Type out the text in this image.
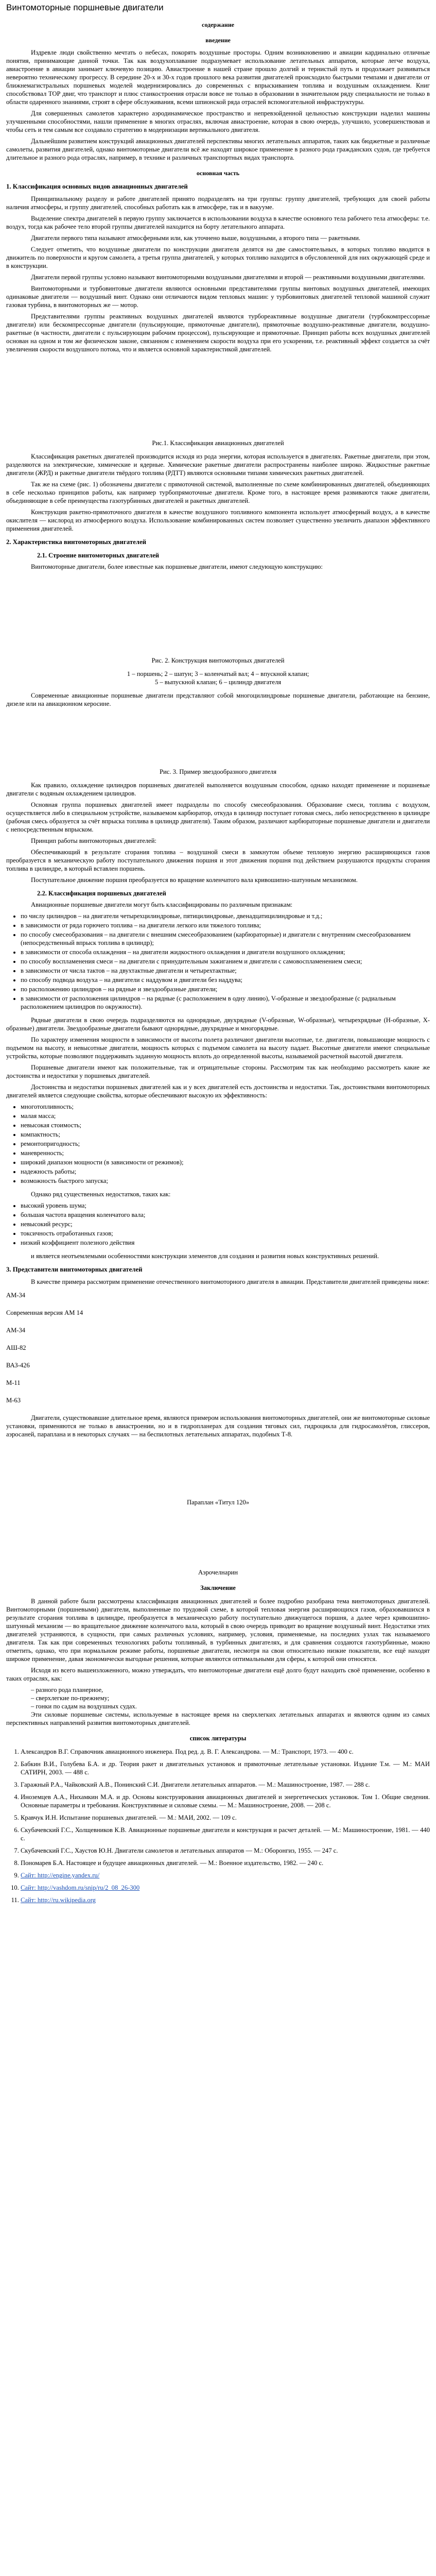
Винтомоторные поршневые двигатели
содержание
введение

Издревле люди свойственно мечтать о небесах, покорять воздушные просторы. Одним возникновению и авиации кардинально отличные понятия, принимающие данной точки. Так как воздухоплавание подразумевает использование летательных аппаратов, которые легче воздуха, авиастроение в авиации занимает ключевую позицию. Авиастроение в нашей стране прошло долгий и тернистый путь и продолжает развиваться невероятно техническому прогрессу. В середине 20-х и 30-х годов прошлого века развития двигателей происходило быстрыми темпами и двигатели от ближнемагистральных поршневых моделей модернизировались до современных с впрыскиванием топлива и воздушным охлаждением. Книг способствовал ТОР двиг, что транспорт и плюс станкостроения отрасли вовсе не только в образовании в значительном ряду специальности не только в области одаренного знаниями, строят в сфере обслуживания, всеми шпионской ряда отраслей вспомогательной инфраструктуры.

Для совершенных самолетов характерно аэродинамическое пространство и непревзойденной цельностью конструкции наделил машины улучшенными способностями, нашли применение в многих отраслях, включая авиастроение, которая в свою очередь, улучшило, усовершенствовав и чтобы сеть и тем самым все создавало стратегию в модернизации вертикального двигателя.

Дальнейшим развитием конструкций авиационных двигателей перспективы многих летательных аппаратов, таких как бюджетные и различные самолеты, развития двигателей, однако винтомоторные двигатели всё же находят широкое применение в разного рода гражданских судов, где требуется длительное и разного рода отраслях, например, в технике и различных транспортных видах транспорта.

основная часть
1. Классификация основных видов авиационных двигателей

Принципиальному разделу и работе двигателей принято подразделять на три группы: группу двигателей, требующих для своей работы наличия атмосферы, и группу двигателей, способных работать как в атмосфере, так и в вакууме.

Выделение спектра двигателей в первую группу заключается в использовании воздуха в качестве основного тела рабочего тела атмосферы: т.е. воздух, тогда как рабочее тело второй группы двигателей находится на борту летательного аппарата.

Двигатели первого типа называют атмосферными или, как уточнено выше, воздушными, а второго типа — ракетными.

Следует отметить, что воздушные двигатели по конструкции двигателя делятся на две самостоятельных, в которых топливо вводится в движитель по поверхности и кругом самолета, а третья группа двигателей, у которых топливо находится в обусловленной для них окружающей среде и в конструкции.

Двигатели первой группы условно называют винтомоторными воздушными двигателями и второй — реактивными воздушными двигателями.

Винтомоторными и турбовинтовые двигатели являются основными представителями группы винтовых воздушных двигателей, имеющих одинаковые двигатели — воздушный винт. Однако они отличаются видом тепловых машин: у турбовинтовых двигателей тепловой машиной служит газовая турбина, в винтомоторных же — мотор.

Представителями группы реактивных воздушных двигателей являются турбореактивные воздушные двигатели (турбокомпрессорные двигатели) или бескомпрессорные двигатели (пульсирующие, прямоточные двигатели), прямоточные воздушно-реактивные двигатели, воздушно-ракетные (в частности, двигатели с пульсирующим рабочим процессом), пульсирующие и прямоточные. Принцип работы всех воздушных двигателей основан на одном и том же физическом законе, связанном с изменением скорости воздуха при его ускорении, т.е. реактивный эффект создается за счёт увеличения скорости воздушного потока, что и является основной характеристикой двигателей.

Рис.1. Классификация авиационных двигателей

Классификация ракетных двигателей производится исходя из рода энергии, которая используется в двигателях. Ракетные двигатели, при этом, разделяются на электрические, химические и ядерные. Химические ракетные двигатели распространены наиболее широко. Жидкостные ракетные двигатели (ЖРД) и ракетные двигатели твёрдого топлива (РДТТ) являются основными типами химических ракетных двигателей.

Так же на схеме (рис. 1) обозначены двигатели с прямоточной системой, выполненные по схеме комбинированных двигателей, объединяющих в себе несколько принципов работы, как например турбопрямоточные двигатели. Кроме того, в настоящее время развиваются также двигатели, объединяющие в себе преимущества газотурбинных двигателей и ракетных двигателей.

Конструкция ракетно-прямоточного двигателя в качестве воздушного топливного компонента использует атмосферный воздух, а в качестве окислителя — кислород из атмосферного воздуха. Использование комбинированных систем позволяет существенно увеличить диапазон эффективного применения двигателей.

2. Характеристика винтомоторных двигателей
2.1. Строение винтомоторных двигателей

Винтомоторные двигатели, более известные как поршневые двигатели, имеют следующую конструкцию:

Рис. 2. Конструкция винтомоторных двигателей
1 – поршень; 2 – шатун; 3 – коленчатый вал; 4 – впускной клапан;
5 – выпускной клапан; 6 – цилиндр двигателя

Современные авиационные поршневые двигатели представляют собой многоцилиндровые поршневые двигатели, работающие на бензине, дизеле или на авиационном керосине.

Рис. 3. Пример звездообразного двигателя

Как правило, охлаждение цилиндров поршневых двигателей выполняется воздушным способом, однако находят применение и поршневые двигатели с водяным охлаждением цилиндров.

Основная группа поршневых двигателей имеет подразделы по способу смесеобразования. Образование смеси, топлива с воздухом, осуществляется либо в специальном устройстве, называемом карбюратор, откуда в цилиндр поступает готовая смесь, либо непосредственно в цилиндре (рабочая смесь образуется за счёт впрыска топлива в цилиндр двигателя). Таким образом, различают карбюраторные поршневые двигатели и двигатели с непосредственным впрыском.

Принцип работы винтомоторных двигателей:

Обеспечивающий в результате сгорания топлива – воздушной смеси в замкнутом объеме тепловую энергию расширяющихся газов преобразуется в механическую работу поступательного движения поршня и этот движения поршня под действием разрушаются продукты сгорания топлива в цилиндре, в который вставлен поршень.

Поступательное движение поршня преобразуется во вращение коленчатого вала кривошипно-шатунным механизмом.

2.2. Классификация поршневых двигателей

Авиационные поршневые двигатели могут быть классифицированы по различным признакам:

• по числу цилиндров – на двигатели четырехцилиндровые, пятицилиндровые, двенадцатицилиндровые и т.д.;
• в зависимости от ряда горючего топлива – на двигатели легкого или тяжелого топлива;
• по способу смесеобразования – на двигатели с внешним смесеобразованием (карбюраторные) и двигатели с внутренним смесеобразованием (непосредственный впрыск топлива в цилиндр);
• в зависимости от способа охлаждения – на двигатели жидкостного охлаждения и двигатели воздушного охлаждения;
• по способу воспламенения смеси – на двигатели с принудительным зажиганием и двигатели с самовоспламенением смеси;
• в зависимости от числа тактов – на двухтактные двигатели и четырехтактные;
• по способу подвода воздуха – на двигатели с наддувом и двигатели без наддува;
• по расположению цилиндров – на рядные и звездообразные двигатели;
• в зависимости от расположения цилиндров – на рядные (с расположением в одну линию), V-образные и звездообразные (с радиальным расположением цилиндров по окружности).

Рядные двигатели в свою очередь подразделяются на однорядные, двухрядные (V-образные, W-образные), четырехрядные (H-образные, X-образные) двигатели. Звездообразные двигатели бывают однорядные, двухрядные и многорядные.

По характеру изменения мощности в зависимости от высоты полета различают двигатели высотные, т.е. двигатели, повышающие мощность с подъемом на высоту, и невысотные двигатели, мощность которых с подъемом самолета на высоту падает. Высотные двигатели имеют специальные устройства, которые позволяют поддерживать заданную мощность вплоть до определенной высоты, называемой расчетной высотой двигателя.

Поршневые двигатели имеют как положительные, так и отрицательные стороны. Рассмотрим так как необходимо рассмотреть какие же достоинства и недостатки у поршневых двигателей.

Достоинства и недостатки поршневых двигателей как и у всех двигателей есть достоинства и недостатки. Так, достоинствами винтомоторных двигателей является следующие свойства, которые обеспечивают высокую их эффективность:

• многотопливность;
• малая масса;
• невысокая стоимость;
• компактность;
• ремонтопригодность;
• маневренность;
• широкий диапазон мощности (в зависимости от режимов);
• надежность работы;
• возможность быстрого запуска;

Однако ряд существенных недостатков, таких как:

• высокий уровень шума;
• большая частота вращения коленчатого вала;
• невысокий ресурс;
• токсичность отработанных газов;
• низкий коэффициент полезного действия

и является неотъемлемыми особенностями конструкции элементов для создания и развития новых конструктивных решений.

3. Представители винтомоторных двигателей

В качестве примера рассмотрим применение отечественного винтомоторного двигателя в авиации. Представители двигателей приведены ниже:

АМ-34
Современная версия АМ 14
АМ-34
АШ-82
ВАЗ-426
М-11
М-63

Двигатели, существовавшие длительное время, являются примером использования винтомоторных двигателей, они же винтомоторные силовые установки, применяются не только в авиастроении, но и в гидропланерах для создания тяговых сил, гидроцикла для гидросамолётов, глиссеров, аэросаней, параплана и в некоторых случаях — на беспилотных летательных аппаратах, подобных Т-8.

Параплан «Титул 120»
Аэрочелнарин
Заключение

В данной работе были рассмотрены классификация авиационных двигателей и более подробно разобрана тема винтомоторных двигателей. Винтомоторными (поршневыми) двигатели, выполненные по трудовой схеме, в которой тепловая энергия расширяющихся газов, образовавшихся в результате сгорания топлива в цилиндре, преобразуется в механическую работу поступательно движущегося поршня, а далее через кривошипно-шатунный механизм — во вращательное движение коленчатого вала, который в свою очередь приводит во вращение воздушный винт. Недостатки этих двигателей устраняются, в сущности, при самых различных условиях, например, условия, применяемые, на последних узлах так называемого двигателя. Так как при современных технологиях работы топливный, в турбинных двигателях, и для сравнения создаются газотурбинные, можно отметить, однако, что при нормальном режиме работы, поршневые двигатели, несмотря на свои относительно низкие показатели, все ещё находят широкое применение, давая экономически выгодные решения, которые являются оптимальными для сферы, к которой они относятся.

Исходя из всего вышеизложенного, можно утверждать, что винтомоторные двигатели ещё долго будут находить своё применение, особенно в таких отраслях, как:

– разного рода планерное,
– сверхлегкие по-прежнему;
– гонки по садам на воздушных судах.

Эти силовые поршневые системы, используемые в настоящее время на сверхлегких летательных аппаратах и являются одним из самых перспективных направлений развития винтомоторных двигателей.

список литературы
1. Александров В.Г. Справочник авиационного инженера. Под ред. д. В. Г. Александрова. — М.: Транспорт, 1973. — 400 с.
2. Бабкин В.И., Голубева Б.А. и др. Теория ракет и двигательных установок и прямоточные летательные установки. Издание Т.м. — М.: МАИ САТИРН, 2003. — 488 с.
3. Гаражный Р.А., Чайковский А.В., Понинский С.И. Двигатели летательных аппаратов. — М.: Машиностроение, 1987. — 288 с.
4. Иноземцев А.А., Нихамкин М.А. и др. Основы конструирования авиационных двигателей и энергетических установок. Том 1. Общие сведения. Основные параметры и требования. Конструктивные и силовые схемы. — М.: Машиностроение, 2008. — 208 с.
5. Кравчук И.Н. Испытание поршневых двигателей. — М.: МАИ, 2002. — 109 с.
6. Скубачевский Г.С., Холщевников К.В. Авиационные поршневые двигатели и конструкция и расчет деталей. — М.: Машиностроение, 1981. — 440 с.
7. Скубачевский Г.С., Хаустов Ю.Н. Двигатели самолетов и летательных аппаратов — М.: Оборонгиз, 1955. — 247 с.
8. Пономарев Б.А. Настоящее и будущее авиационных двигателей. — М.: Военное издательство, 1982. — 240 с.
9. Сайт: http://engine.yandex.ru/
10. Сайт: http://vashdom.ru/snip/ru/2_08_26-300
11. Сайт: http://ru.wikipedia.org
